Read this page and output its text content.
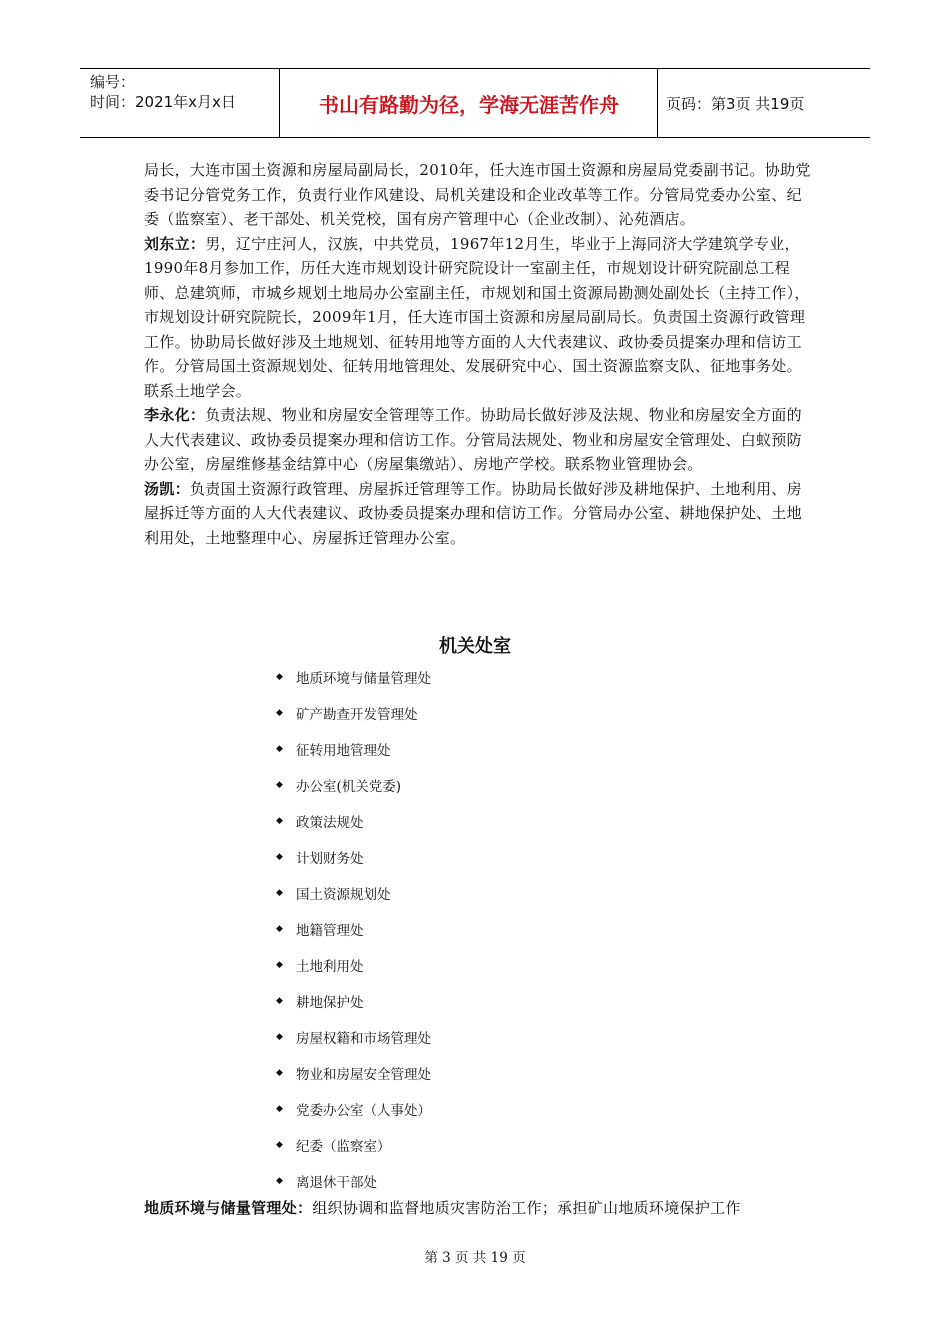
编号：
时间：2021年x月x日	书山有路勤为径，学海无涯苦作舟	页码：第3页 共19页

局长，大连市国土资源和房屋局副局长，2010年，任大连市国土资源和房屋局党委副书记。协助党委书记分管党务工作，负责行业作风建设、局机关建设和企业改革等工作。分管局党委办公室、纪委（监察室）、老干部处、机关党校，国有房产管理中心（企业改制）、沁苑酒店。

刘东立：男，辽宁庄河人，汉族，中共党员，1967年12月生，毕业于上海同济大学建筑学专业，1990年8月参加工作，历任大连市规划设计研究院设计一室副主任，市规划设计研究院副总工程师、总建筑师，市城乡规划土地局办公室副主任，市规划和国土资源局勘测处副处长（主持工作），市规划设计研究院院长，2009年1月，任大连市国土资源和房屋局副局长。负责国土资源行政管理工作。协助局长做好涉及土地规划、征转用地等方面的人大代表建议、政协委员提案办理和信访工作。分管局国土资源规划处、征转用地管理处、发展研究中心、国土资源监察支队、征地事务处。联系土地学会。

李永化：负责法规、物业和房屋安全管理等工作。协助局长做好涉及法规、物业和房屋安全方面的人大代表建议、政协委员提案办理和信访工作。分管局法规处、物业和房屋安全管理处、白蚁预防办公室，房屋维修基金结算中心（房屋集缴站）、房地产学校。联系物业管理协会。

汤凯：负责国土资源行政管理、房屋拆迁管理等工作。协助局长做好涉及耕地保护、土地利用、房屋拆迁等方面的人大代表建议、政协委员提案办理和信访工作。分管局办公室、耕地保护处、土地利用处，土地整理中心、房屋拆迁管理办公室。

机关处室
◆ 地质环境与储量管理处
◆ 矿产勘查开发管理处
◆ 征转用地管理处
◆ 办公室(机关党委)
◆ 政策法规处
◆ 计划财务处
◆ 国土资源规划处
◆ 地籍管理处
◆ 土地利用处
◆ 耕地保护处
◆ 房屋权籍和市场管理处
◆ 物业和房屋安全管理处
◆ 党委办公室（人事处）
◆ 纪委（监察室）
◆ 离退休干部处
地质环境与储量管理处：组织协调和监督地质灾害防治工作；承担矿山地质环境保护工作
第 3 页 共 19 页
